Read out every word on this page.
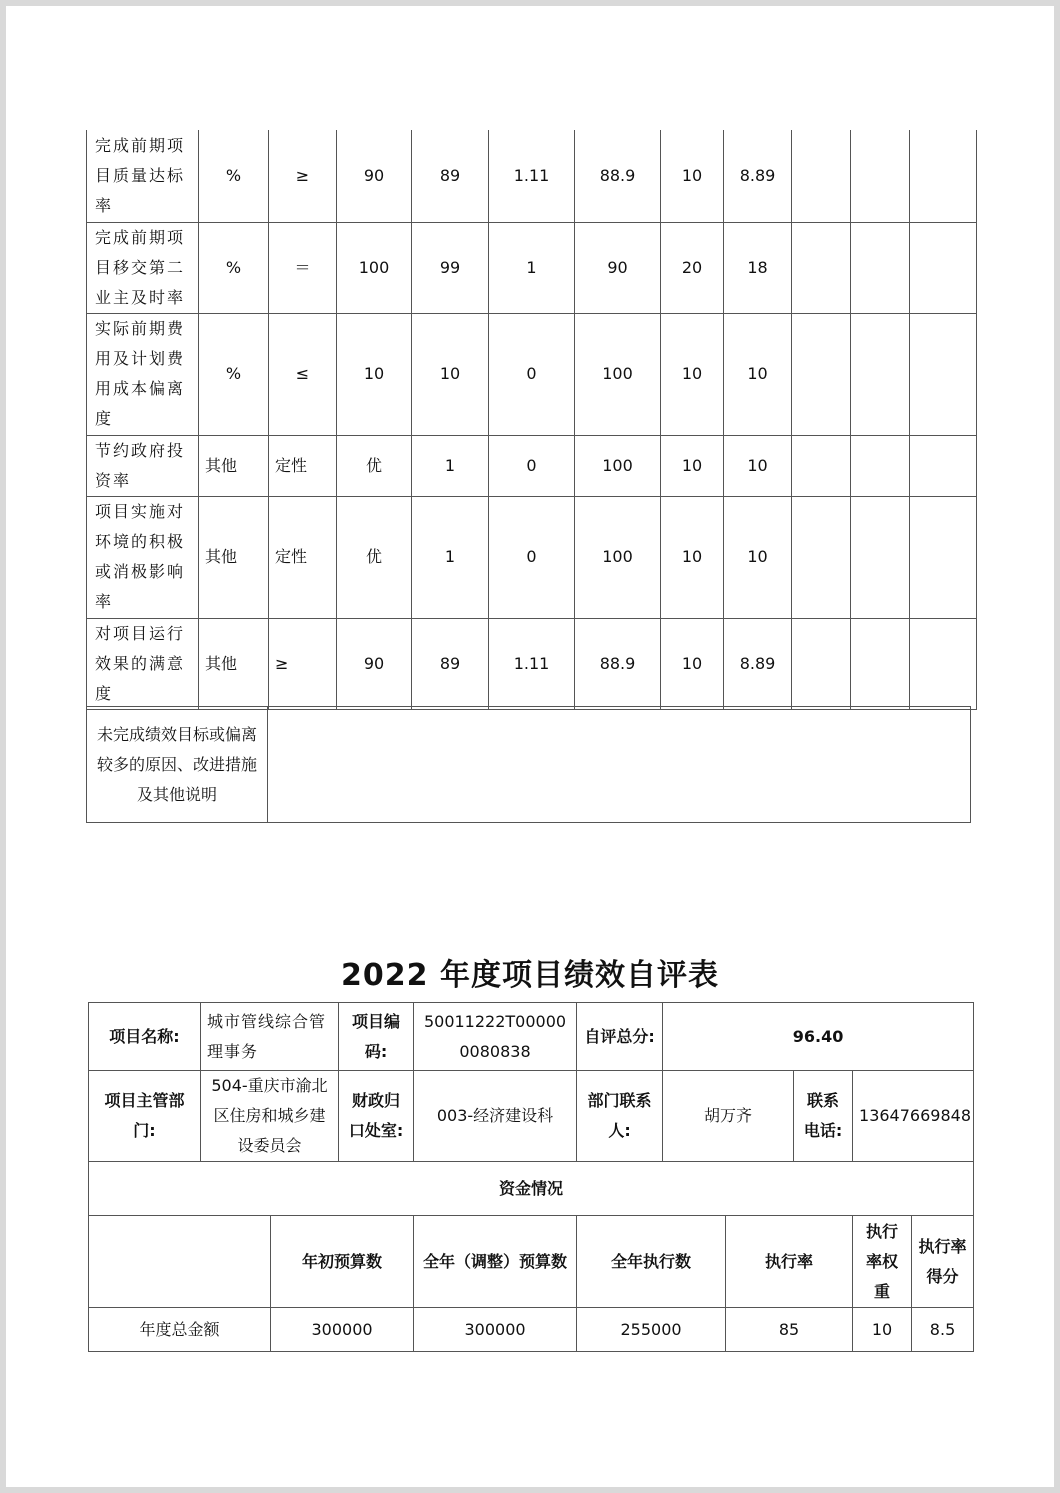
完成前期项目质量达标率	%	≥	90	89	1.11	88.9	10	8.89			
完成前期项目移交第二业主及时率	%	＝	100	99	1	90	20	18			
实际前期费用及计划费用成本偏离度	%	≤	10	10	0	100	10	10			
节约政府投资率	其他	定性	优	1	0	100	10	10			
项目实施对环境的积极或消极影响率	其他	定性	优	1	0	100	10	10			
对项目运行效果的满意度	其他	≥	90	89	1.11	88.9	10	8.89			
未完成绩效目标或偏离较多的原因、改进措施及其他说明	
2022 年度项目绩效自评表
项目名称:	城市管线综合管理事务		项目编码:	50011222T000000080838	自评总分:	96.40				
项目主管部门:	504-重庆市渝北区住房和城乡建设委员会		财政归口处室:	003-经济建设科	部门联系人:	胡万齐		联系电话:	13647669848	
资金情况										
		年初预算数		全年（调整）预算数	全年执行数		执行率		执行率权重	执行率得分
年度总金额		300000		300000	255000		85		10	8.5
